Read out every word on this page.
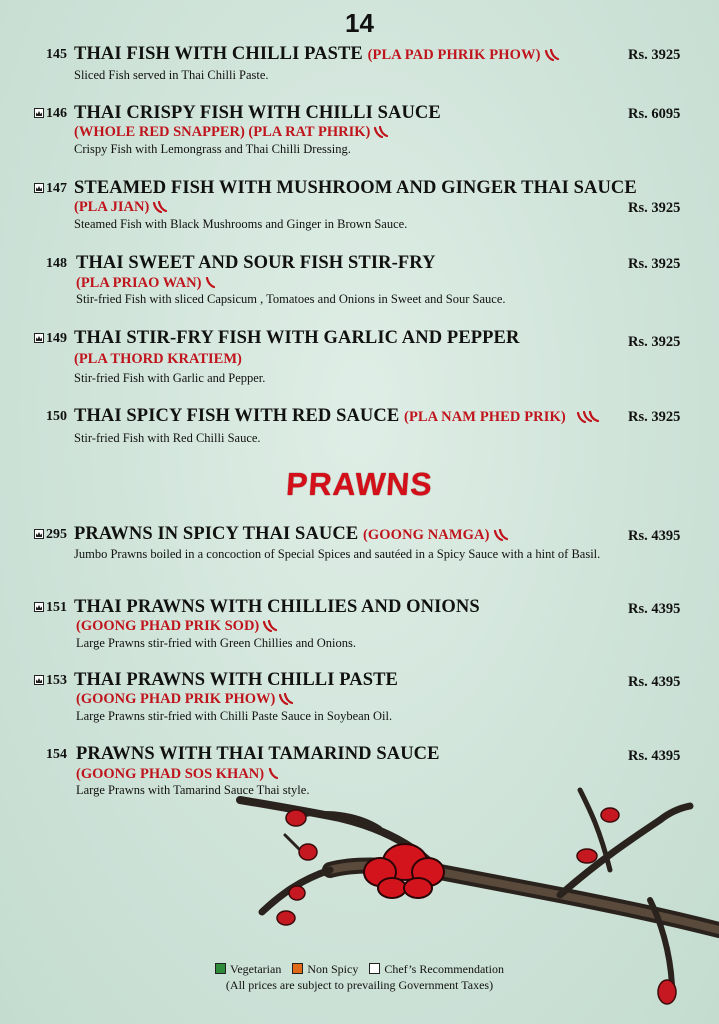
14
145 THAI FISH WITH CHILLI PASTE (PLA PAD PHRIK PHOW)	Rs. 3925
Sliced Fish served in Thai Chilli Paste.
146 THAI CRISPY FISH WITH CHILLI SAUCE	Rs. 6095
(WHOLE RED SNAPPER) (PLA RAT PHRIK)
Crispy Fish with Lemongrass and Thai Chilli Dressing.
147 STEAMED FISH WITH MUSHROOM AND GINGER THAI SAUCE
(PLA JIAN)	Rs. 3925
Steamed Fish with Black Mushrooms and Ginger in Brown Sauce.
148 THAI SWEET AND SOUR FISH STIR-FRY	Rs. 3925
(PLA PRIAO WAN)
Stir-fried Fish with sliced Capsicum , Tomatoes and Onions in Sweet and Sour Sauce.
149 THAI STIR-FRY FISH WITH GARLIC AND PEPPER
(PLA THORD KRATIEM)
Rs. 3925
Stir-fried Fish with Garlic and Pepper.
150 THAI SPICY FISH WITH RED SAUCE (PLA NAM PHED PRIK)	Rs. 3925
Stir-fried Fish with Red Chilli Sauce.
PRAWNS
295 PRAWNS IN SPICY THAI SAUCE (GOONG NAMGA)	Rs. 4395
Jumbo Prawns boiled in a concoction of Special Spices and sautéed in a Spicy Sauce with a hint of Basil.
151 THAI PRAWNS WITH CHILLIES AND ONIONS	Rs. 4395
(GOONG PHAD PRIK SOD)
Large Prawns stir-fried with Green Chillies and Onions.
153 THAI PRAWNS WITH CHILLI PASTE	Rs. 4395
(GOONG PHAD PRIK PHOW)
Large Prawns stir-fried with Chilli Paste Sauce in Soybean Oil.
154 PRAWNS WITH THAI TAMARIND SAUCE	Rs. 4395
(GOONG PHAD SOS KHAN)
Large Prawns with Tamarind Sauce Thai style.
Vegetarian Non Spicy Chef’s Recommendation
(All prices are subject to prevailing Government Taxes)
